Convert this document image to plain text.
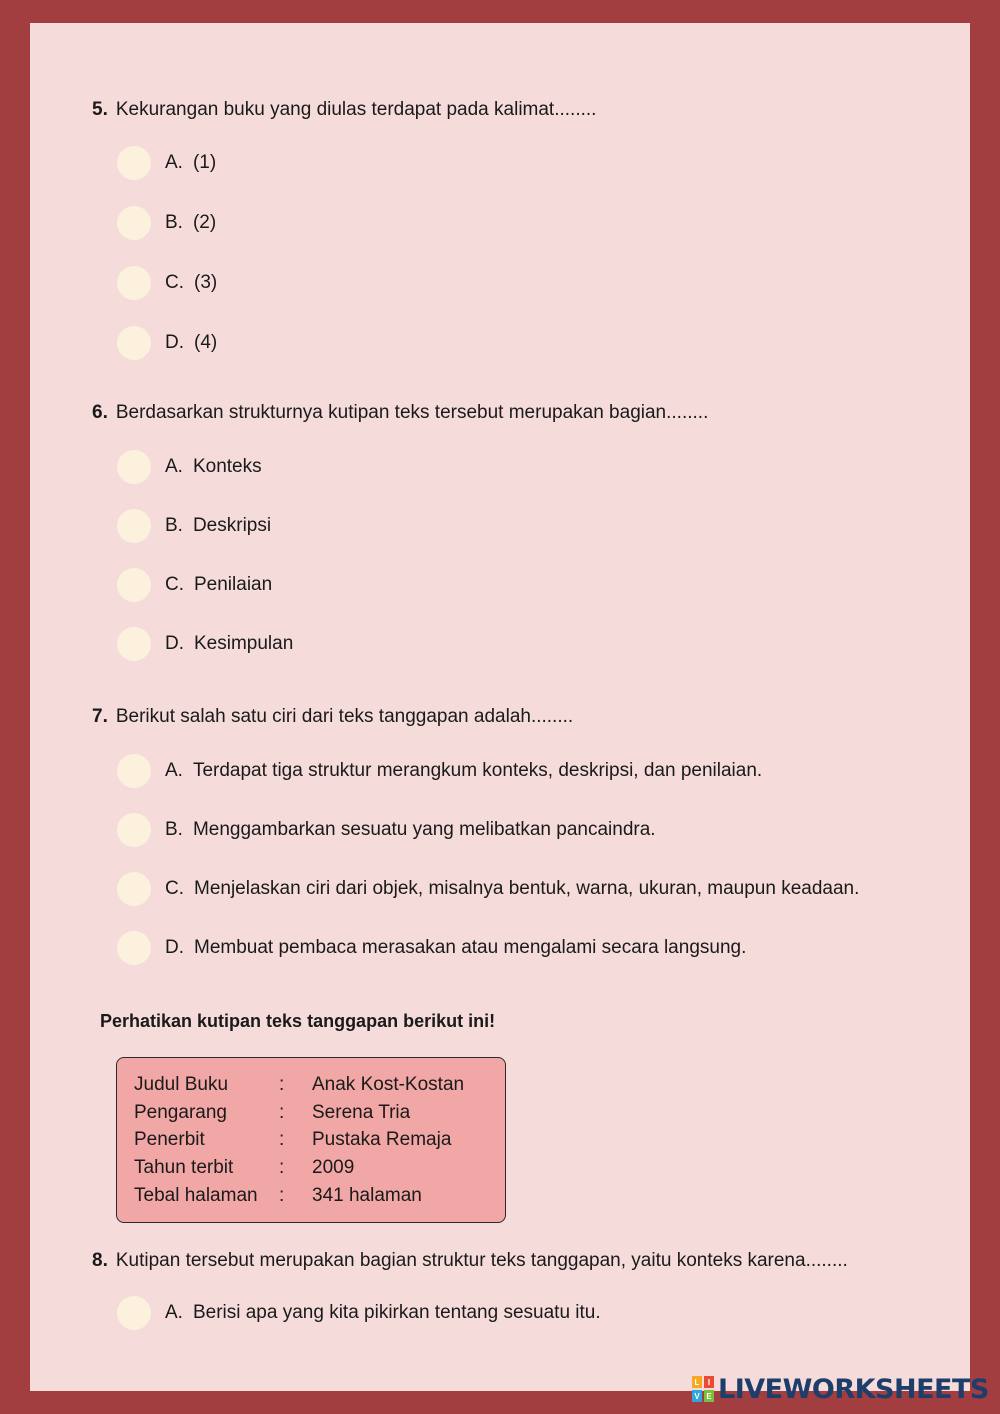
5. Kekurangan buku yang diulas terdapat pada kalimat........
A. (1)
B. (2)
C. (3)
D. (4)
6. Berdasarkan strukturnya kutipan teks tersebut merupakan bagian........
A. Konteks
B. Deskripsi
C. Penilaian
D. Kesimpulan
7. Berikut salah satu ciri dari teks tanggapan adalah........
A. Terdapat tiga struktur merangkum konteks, deskripsi, dan penilaian.
B. Menggambarkan sesuatu yang melibatkan pancaindra.
C. Menjelaskan ciri dari objek, misalnya bentuk, warna, ukuran, maupun keadaan.
D. Membuat pembaca merasakan atau mengalami secara langsung.
Perhatikan kutipan teks tanggapan berikut ini!
Judul Buku	:	Anak Kost-Kostan
Pengarang	:	Serena Tria
Penerbit	:	Pustaka Remaja
Tahun terbit	:	2009
Tebal halaman	:	341 halaman
8. Kutipan tersebut merupakan bagian struktur teks tanggapan, yaitu konteks karena........
A. Berisi apa yang kita pikirkan tentang sesuatu itu.
L	I
V E LIVEWORKSHEETS
